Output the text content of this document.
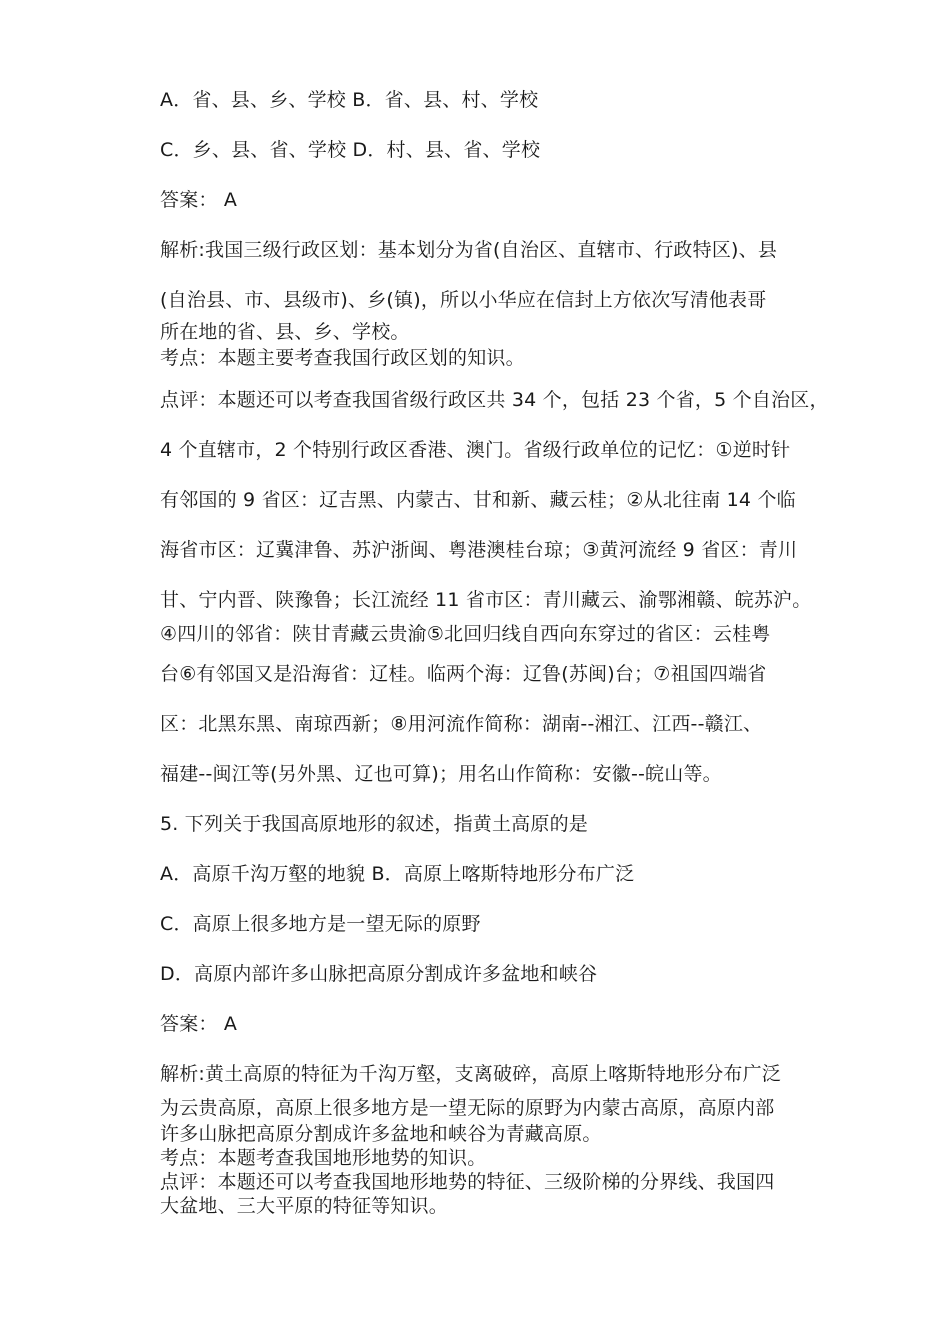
A．省、县、乡、学校 B．省、县、村、学校
C．乡、县、省、学校 D．村、县、省、学校
答案： A
解析:我国三级行政区划：基本划分为省(自治区、直辖市、行政特区)、县
(自治县、市、县级市)、乡(镇)，所以小华应在信封上方依次写清他表哥
所在地的省、县、乡、学校。
考点：本题主要考查我国行政区划的知识。
点评：本题还可以考查我国省级行政区共 34 个，包括 23 个省，5 个自治区，
4 个直辖市，2 个特别行政区香港、澳门。省级行政单位的记忆：①逆时针
有邻国的 9 省区：辽吉黑、内蒙古、甘和新、藏云桂；②从北往南 14 个临
海省市区：辽冀津鲁、苏沪浙闽、粤港澳桂台琼；③黄河流经 9 省区：青川
甘、宁内晋、陕豫鲁；长江流经 11 省市区：青川藏云、渝鄂湘赣、皖苏沪。
④四川的邻省：陕甘青藏云贵渝⑤北回归线自西向东穿过的省区：云桂粤
台⑥有邻国又是沿海省：辽桂。临两个海：辽鲁(苏闽)台；⑦祖国四端省
区：北黑东黑、南琼西新；⑧用河流作简称：湖南--湘江、江西--赣江、
福建--闽江等(另外黑、辽也可算)；用名山作简称：安徽--皖山等。
5. 下列关于我国高原地形的叙述，指黄土高原的是
A．高原千沟万壑的地貌 B．高原上喀斯特地形分布广泛
C．高原上很多地方是一望无际的原野
D．高原内部许多山脉把高原分割成许多盆地和峡谷
答案： A
解析:黄土高原的特征为千沟万壑，支离破碎，高原上喀斯特地形分布广泛
为云贵高原，高原上很多地方是一望无际的原野为内蒙古高原，高原内部
许多山脉把高原分割成许多盆地和峡谷为青藏高原。
考点：本题考查我国地形地势的知识。
点评：本题还可以考查我国地形地势的特征、三级阶梯的分界线、我国四
大盆地、三大平原的特征等知识。
